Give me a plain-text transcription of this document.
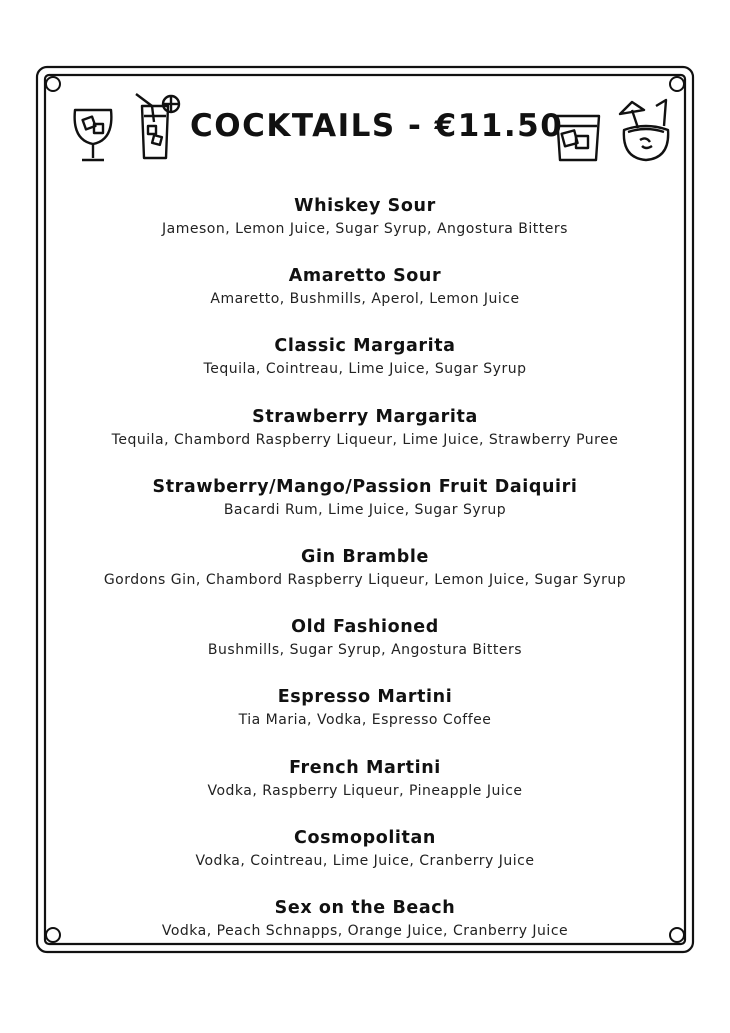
COCKTAILS - €11.50
Whiskey Sour
Jameson, Lemon Juice, Sugar Syrup, Angostura Bitters
Amaretto Sour
Amaretto, Bushmills, Aperol, Lemon Juice
Classic Margarita
Tequila, Cointreau, Lime Juice, Sugar Syrup
Strawberry Margarita
Tequila, Chambord Raspberry Liqueur, Lime Juice, Strawberry Puree
Strawberry/Mango/Passion Fruit Daiquiri
Bacardi Rum, Lime Juice, Sugar Syrup
Gin Bramble
Gordons Gin, Chambord Raspberry Liqueur, Lemon Juice, Sugar Syrup
Old Fashioned
Bushmills, Sugar Syrup, Angostura Bitters
Espresso Martini
Tia Maria, Vodka, Espresso Coffee
French Martini
Vodka, Raspberry Liqueur, Pineapple Juice
Cosmopolitan
Vodka, Cointreau, Lime Juice, Cranberry Juice
Sex on the Beach
Vodka, Peach Schnapps, Orange Juice, Cranberry Juice
